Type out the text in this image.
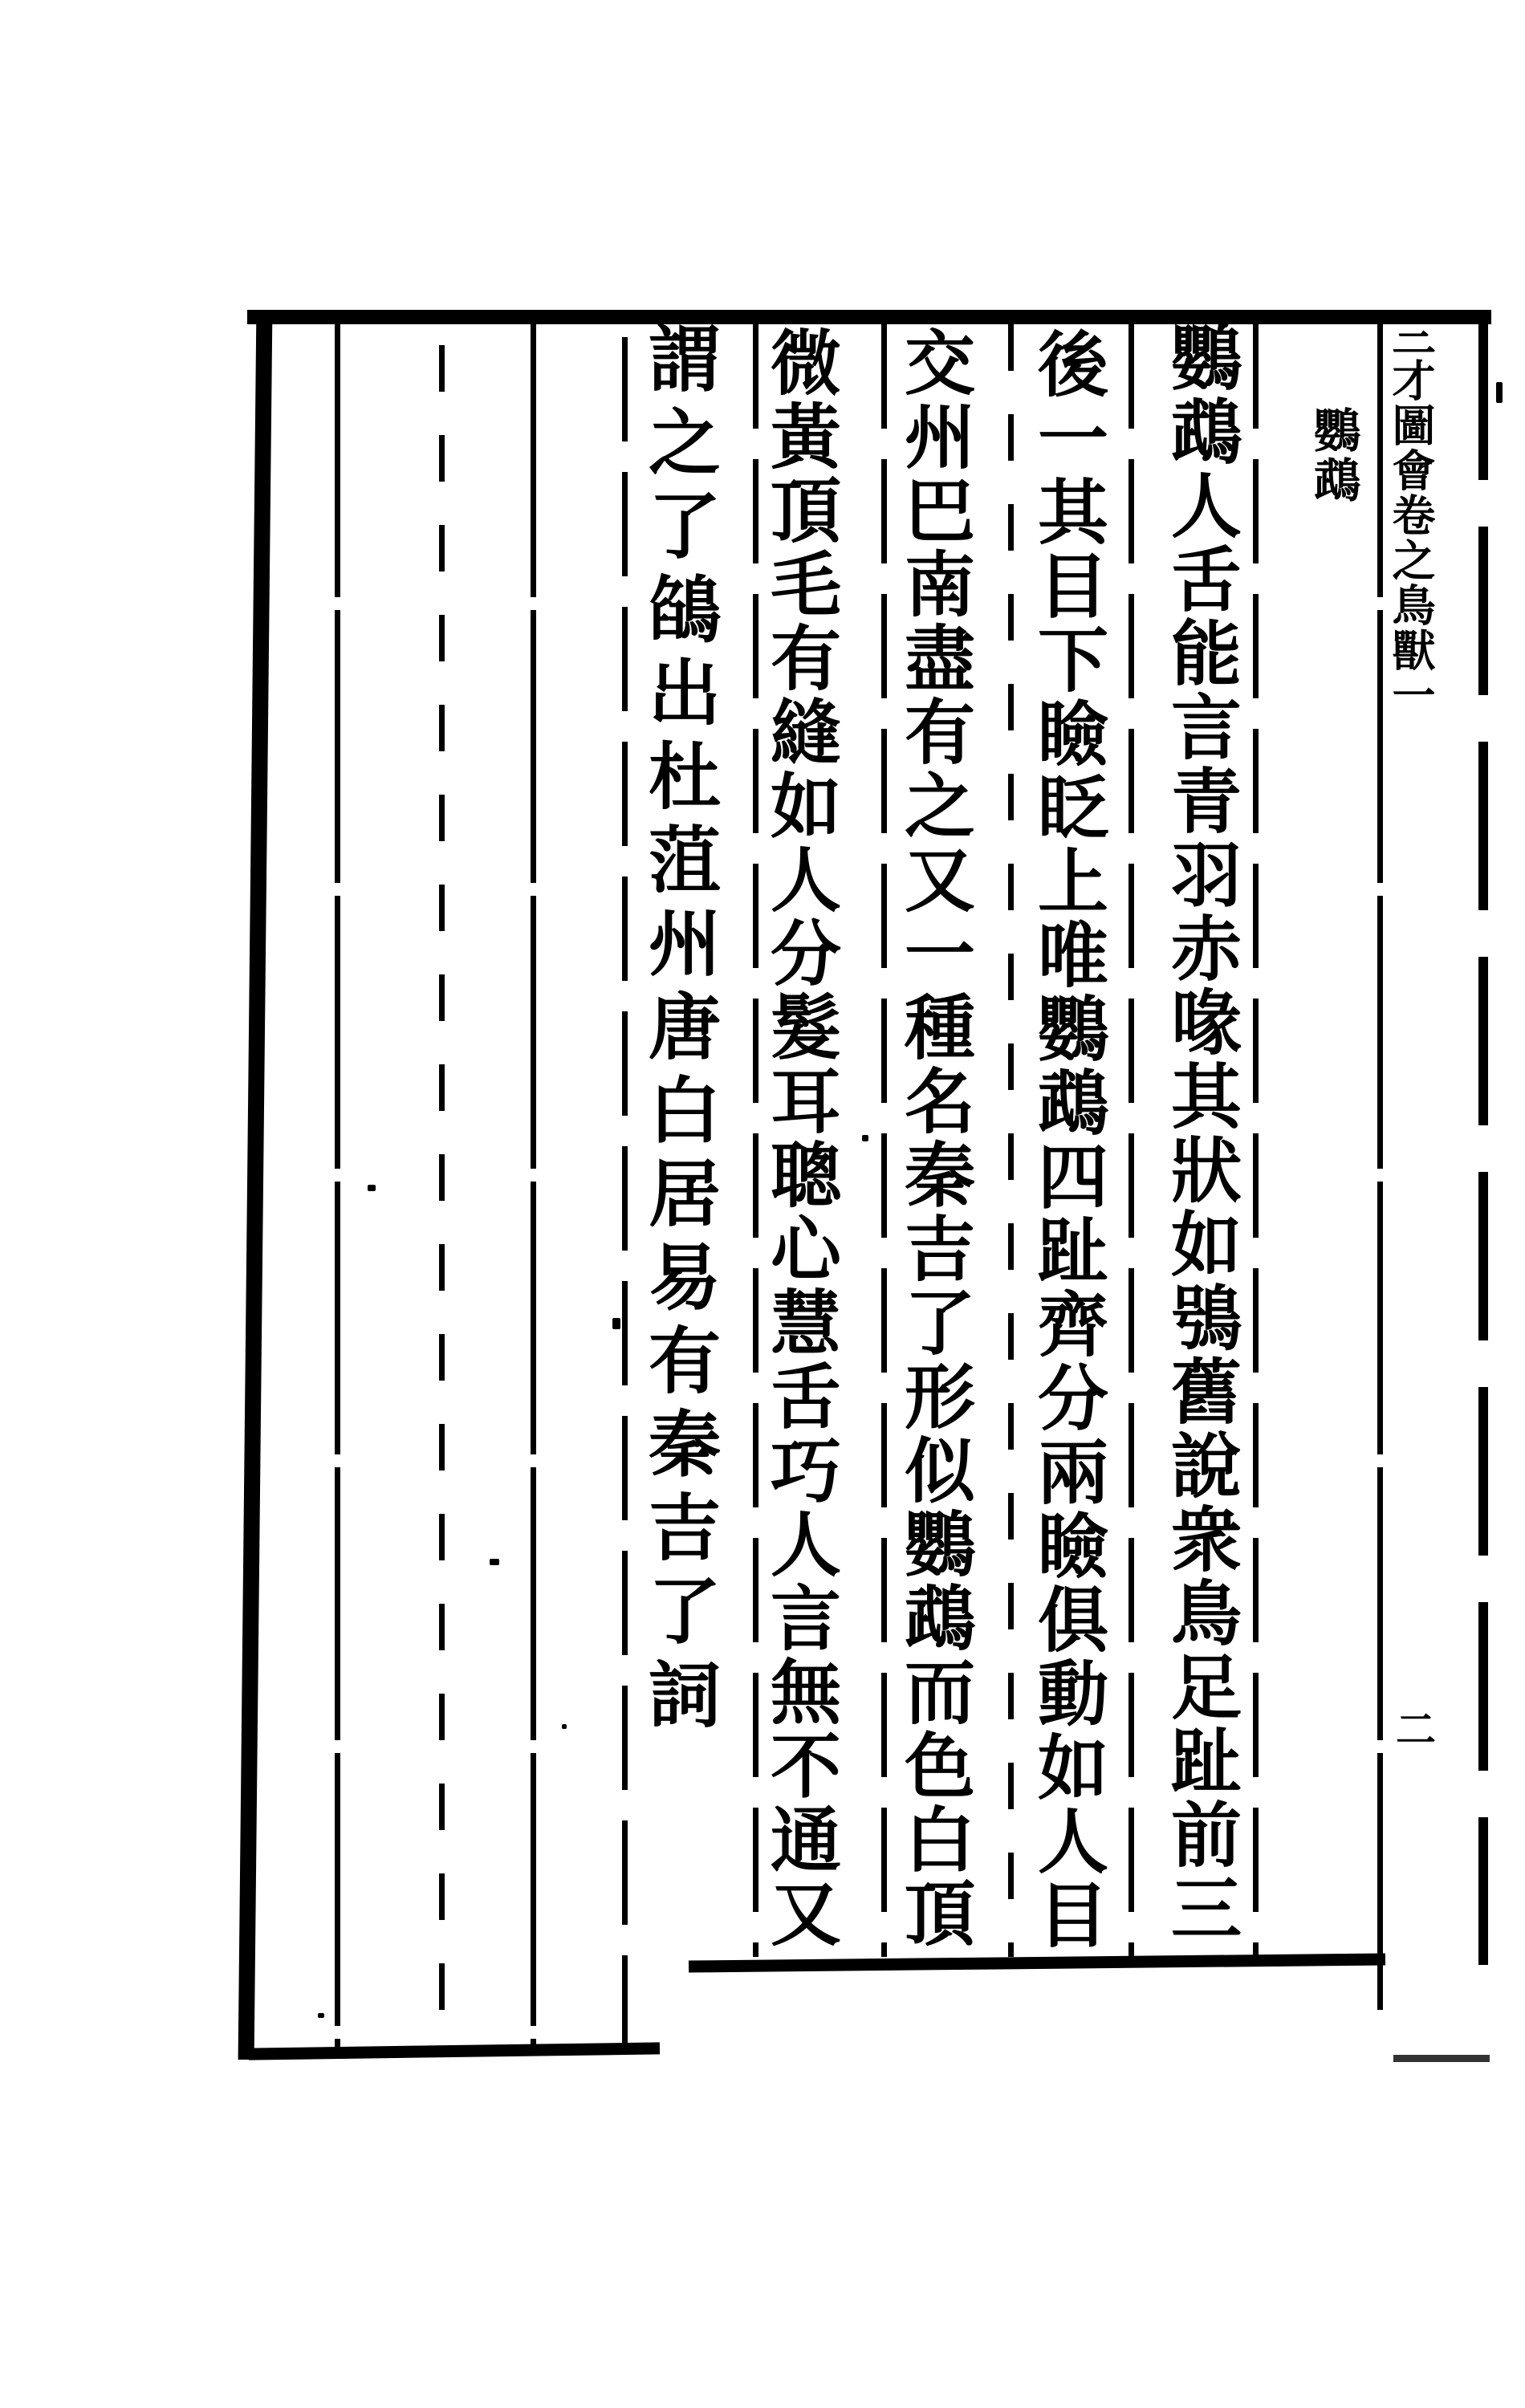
三才圖會卷之鳥獸一
鸚鵡
鸚鵡人舌能言青羽赤喙其狀如鴞舊說衆鳥足趾前三
後一其目下瞼眨上唯鸚鵡四趾齊分兩瞼俱動如人目
交州巴南盡有之又一種名秦吉了形似鸚鵡而色白頂
微黃頂毛有縫如人分髮耳聰心慧舌巧人言無不通又
謂之了鵮出杜菹州唐白居易有秦吉了詞	二
